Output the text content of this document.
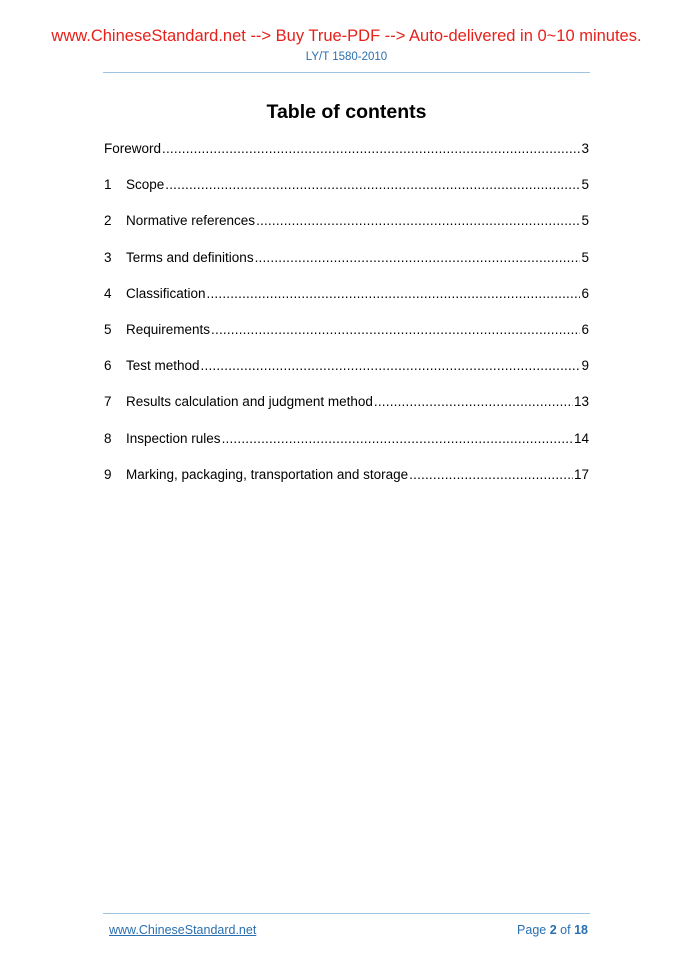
www.ChineseStandard.net --> Buy True-PDF --> Auto-delivered in 0~10 minutes.
LY/T 1580-2010
Table of contents
Foreword .....	3
1	Scope .....	5
2	Normative references .....	5
3	Terms and definitions .....	5
4	Classification .....	6
5	Requirements .....	6
6	Test method .....	9
7	Results calculation and judgment method .....	13
8	Inspection rules .....	14
9	Marking, packaging, transportation and storage .....	17
www.ChineseStandard.net	Page 2 of 18
